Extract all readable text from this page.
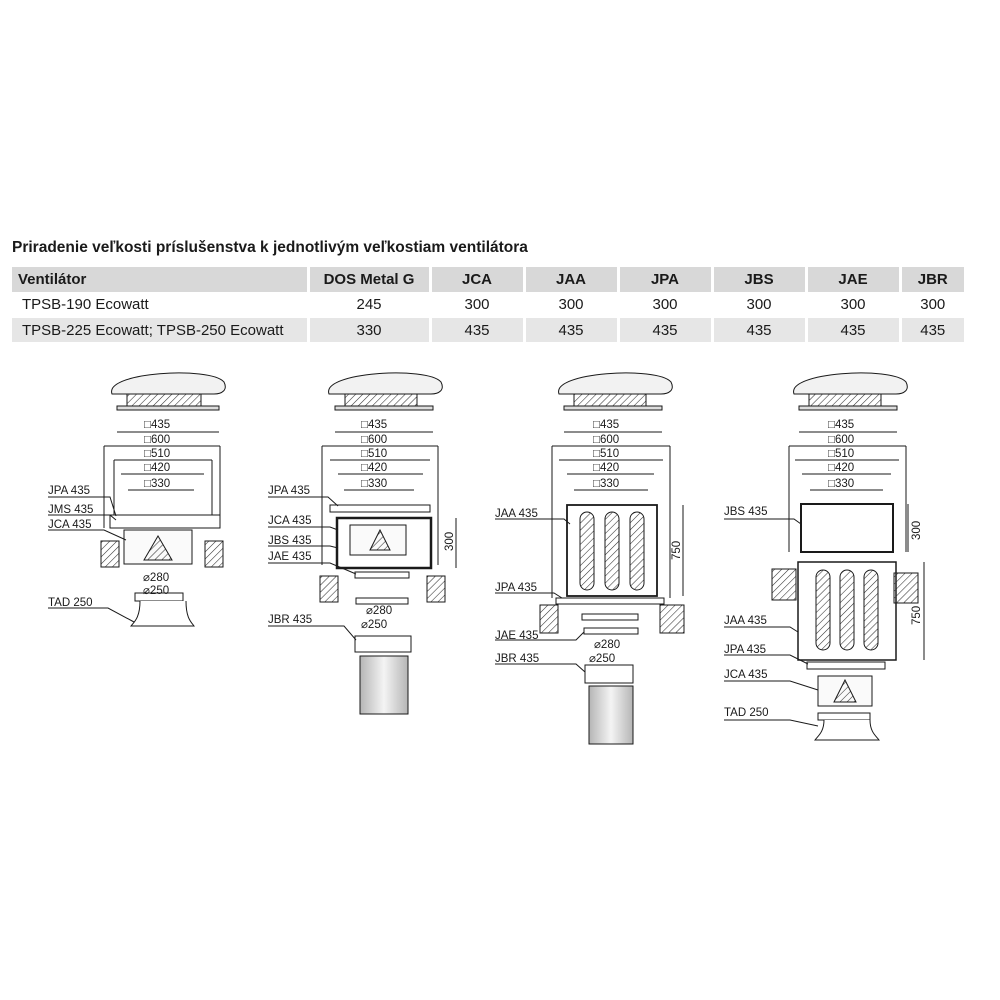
Priradenie veľkosti príslušenstva k jednotlivým veľkostiam ventilátora
Ventilátor	DOS Metal G	JCA	JAA	JPA	JBS	JAE	JBR
TPSB-190 Ecowatt	245	300	300	300	300	300	300

TPSB-225 Ecowatt; TPSB-250 Ecowatt	330	435	435	435	435	435	435
□435
□600
□510
□420
□330
⌀280
⌀250
JPA 435
JMS 435
JCA 435
TAD 250
□435
□600
□510
□420
□330
⌀280
⌀250
300
JPA 435
JCA 435
JBS 435
JAE 435
JBR 435
□435
□600
□510
□420
□330
750
⌀280
⌀250
JAA 435
JPA 435
JAE 435
JBR 435
□435
□600
□510
□420
□330
300
750
JBS 435
JAA 435
JPA 435
JCA 435
TAD 250
